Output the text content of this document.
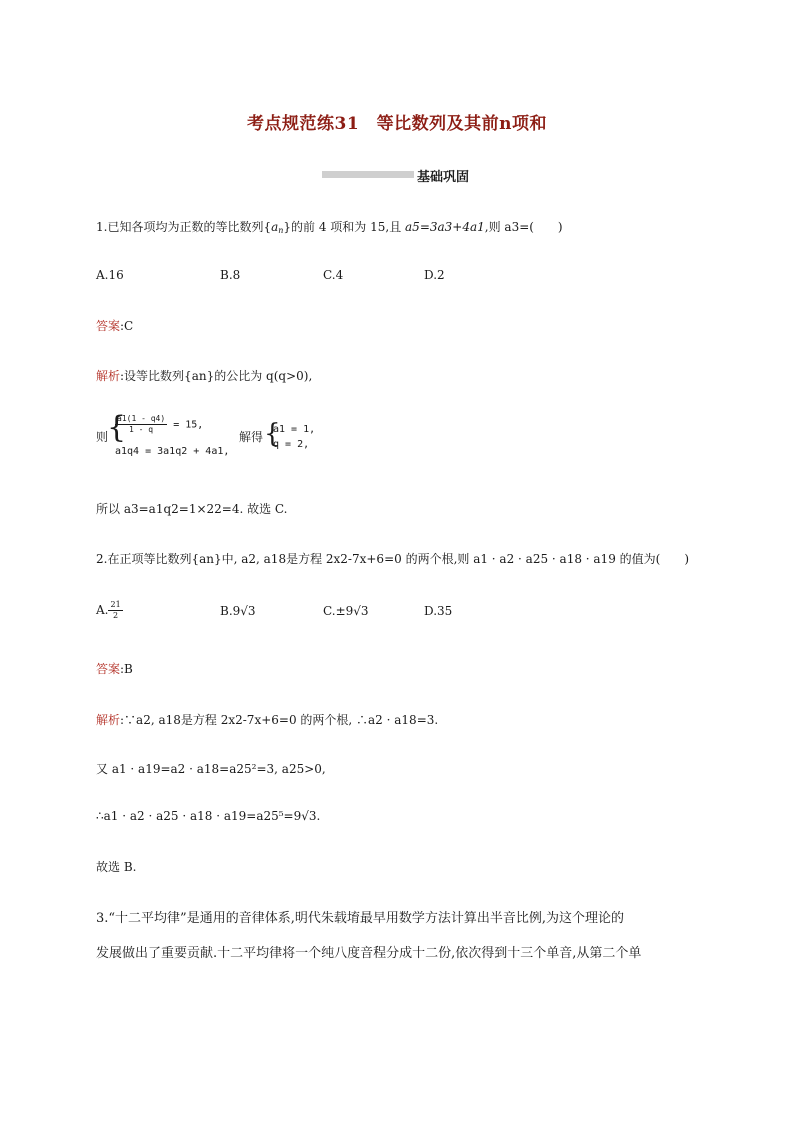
考点规范练31　等比数列及其前n项和
基础巩固
1.已知各项均为正数的等比数列$\{a_n\}$的前 4 项和为 15,且 a5=3a3+4a1,则 a3=(　　)
A.16	B.8	C.4	D.2
答案:C
解析:设等比数列{an}的公比为 q(q>0),
则
{
$\frac{a1(1 - q4)}{1 - q} = 15$,
a1q4 = 3a1q2 + 4a1,
解得 {
a1 = 1,
q = 2,
所以 a3=a1q2=1×22=4. 故选 C.
2.在正项等比数列{an}中, a2, a18是方程 2x2-7x+6=0 的两个根,则 a1 · a2 · a25 · a18 · a19 的值为(　　)
A. $\frac{21}{2}$	B.9√3	C.±9√3	D.35
答案:B
解析:∵a2, a18是方程 2x2-7x+6=0 的两个根, ∴a2 · a18=3.
又 a1 · a19=a2 · a18=a25²=3, a25>0,
∴a1 · a2 · a25 · a18 · a19=a25⁵=9√3.
故选 B.
3.“十二平均律”是通用的音律体系,明代朱载堉最早用数学方法计算出半音比例,为这个理论的
发展做出了重要贡献.十二平均律将一个纯八度音程分成十二份,依次得到十三个单音,从第二个单
